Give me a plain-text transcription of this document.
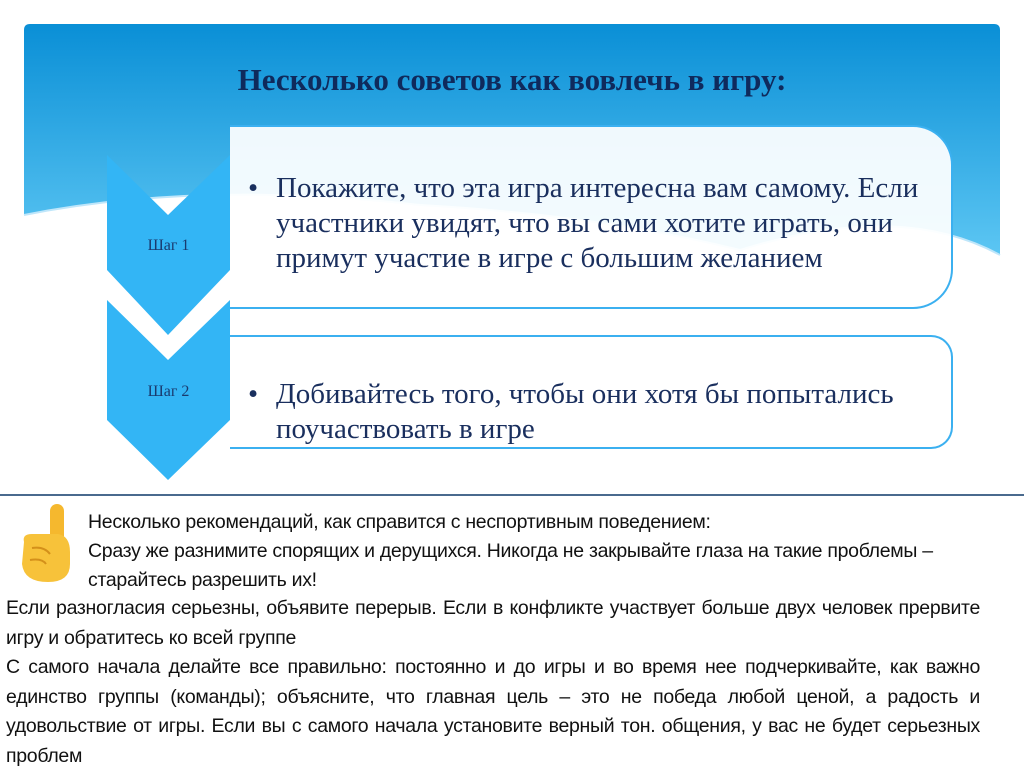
Несколько советов как вовлечь в игру:
• Покажите, что эта игра интересна вам самому. Если участники увидят, что вы сами хотите играть, они примут участие в игре с большим желанием
• Добивайтесь того, чтобы они хотя бы попытались поучаствовать в игре
Шаг 1
Шаг 2
Несколько рекомендаций, как справится с неспортивным поведением:
Сразу же разнимите спорящих и дерущихся. Никогда не закрывайте глаза на такие проблемы – старайтесь разрешить их!

Если разногласия серьезны, объявите перерыв. Если в конфликте участвует больше двух человек прервите игру и обратитесь ко всей группе

С самого начала делайте все правильно: постоянно и до игры и во время нее подчеркивайте, как важно единство группы (команды); объясните, что главная цель – это не победа любой ценой, а радость и удовольствие от игры. Если вы с самого начала установите верный тон. общения, у вас не будет серьезных проблем
